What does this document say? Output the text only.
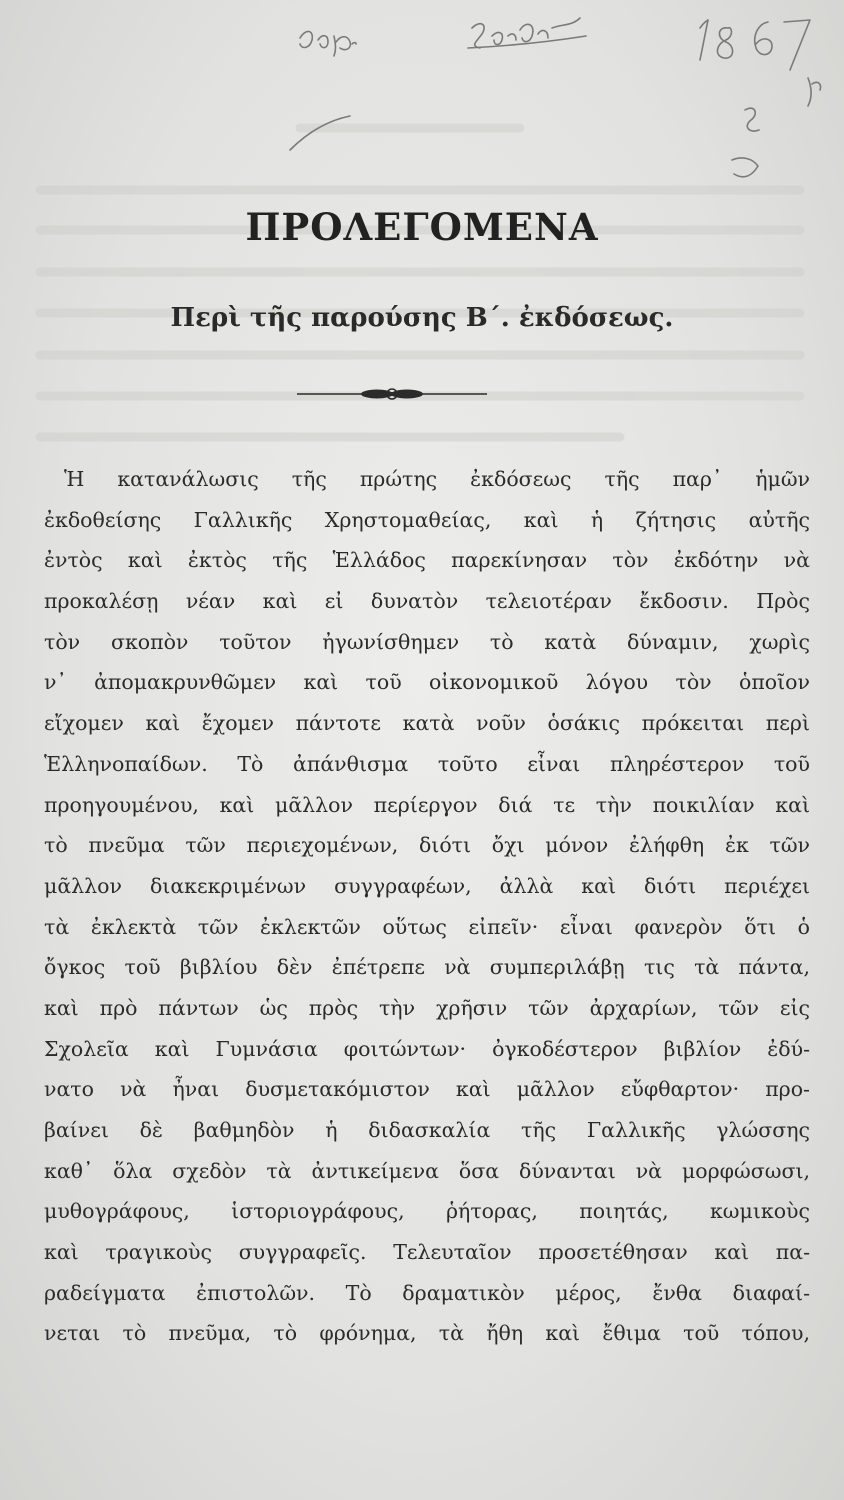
ΠΡΟΛΕΓΟΜΕΝΑ
Περὶ τῆς παρούσης Β΄. ἐκδόσεως.
Ἡ κατανάλωσις τῆς πρώτης ἐκδόσεως τῆς παρ᾽ ἡμῶν
ἐκδοθείσης Γαλλικῆς Χρηστομαθείας, καὶ ἡ ζήτησις αὐτῆς
ἐντὸς καὶ ἐκτὸς τῆς Ἑλλάδος παρεκίνησαν τὸν ἐκδότην νὰ
προκαλέσῃ νέαν καὶ εἰ δυνατὸν τελειοτέραν ἔκδοσιν. Πρὸς
τὸν σκοπὸν τοῦτον ἠγωνίσθημεν τὸ κατὰ δύναμιν, χωρὶς
ν᾽ ἀπομακρυνθῶμεν καὶ τοῦ οἰκονομικοῦ λόγου τὸν ὁποῖον
εἴχομεν καὶ ἔχομεν πάντοτε κατὰ νοῦν ὁσάκις πρόκειται περὶ
Ἑλληνοπαίδων. Τὸ ἀπάνθισμα τοῦτο εἶναι πληρέστερον τοῦ
προηγουμένου, καὶ μᾶλλον περίεργον διά τε τὴν ποικιλίαν καὶ
τὸ πνεῦμα τῶν περιεχομένων, διότι ὄχι μόνον ἐλήφθη ἐκ τῶν
μᾶλλον διακεκριμένων συγγραφέων, ἀλλὰ καὶ διότι περιέχει
τὰ ἐκλεκτὰ τῶν ἐκλεκτῶν οὕτως εἰπεῖν· εἶναι φανερὸν ὅτι ὁ
ὄγκος τοῦ βιβλίου δὲν ἐπέτρεπε νὰ συμπεριλάβῃ τις τὰ πάντα,
καὶ πρὸ πάντων ὡς πρὸς τὴν χρῆσιν τῶν ἀρχαρίων, τῶν εἰς
Σχολεῖα καὶ Γυμνάσια φοιτώντων· ὀγκοδέστερον βιβλίον ἐδύ-
νατο νὰ ἦναι δυσμετακόμιστον καὶ μᾶλλον εὔφθαρτον· προ-
βαίνει δὲ βαθμηδὸν ἡ διδασκαλία τῆς Γαλλικῆς γλώσσης
καθ᾽ ὅλα σχεδὸν τὰ ἀντικείμενα ὅσα δύνανται νὰ μορφώσωσι,
μυθογράφους, ἱστοριογράφους, ῥήτορας, ποιητάς, κωμικοὺς
καὶ τραγικοὺς συγγραφεῖς. Τελευταῖον προσετέθησαν καὶ πα-
ραδείγματα ἐπιστολῶν. Τὸ δραματικὸν μέρος, ἔνθα διαφαί-
νεται τὸ πνεῦμα, τὸ φρόνημα, τὰ ἤθη καὶ ἔθιμα τοῦ τόπου,
